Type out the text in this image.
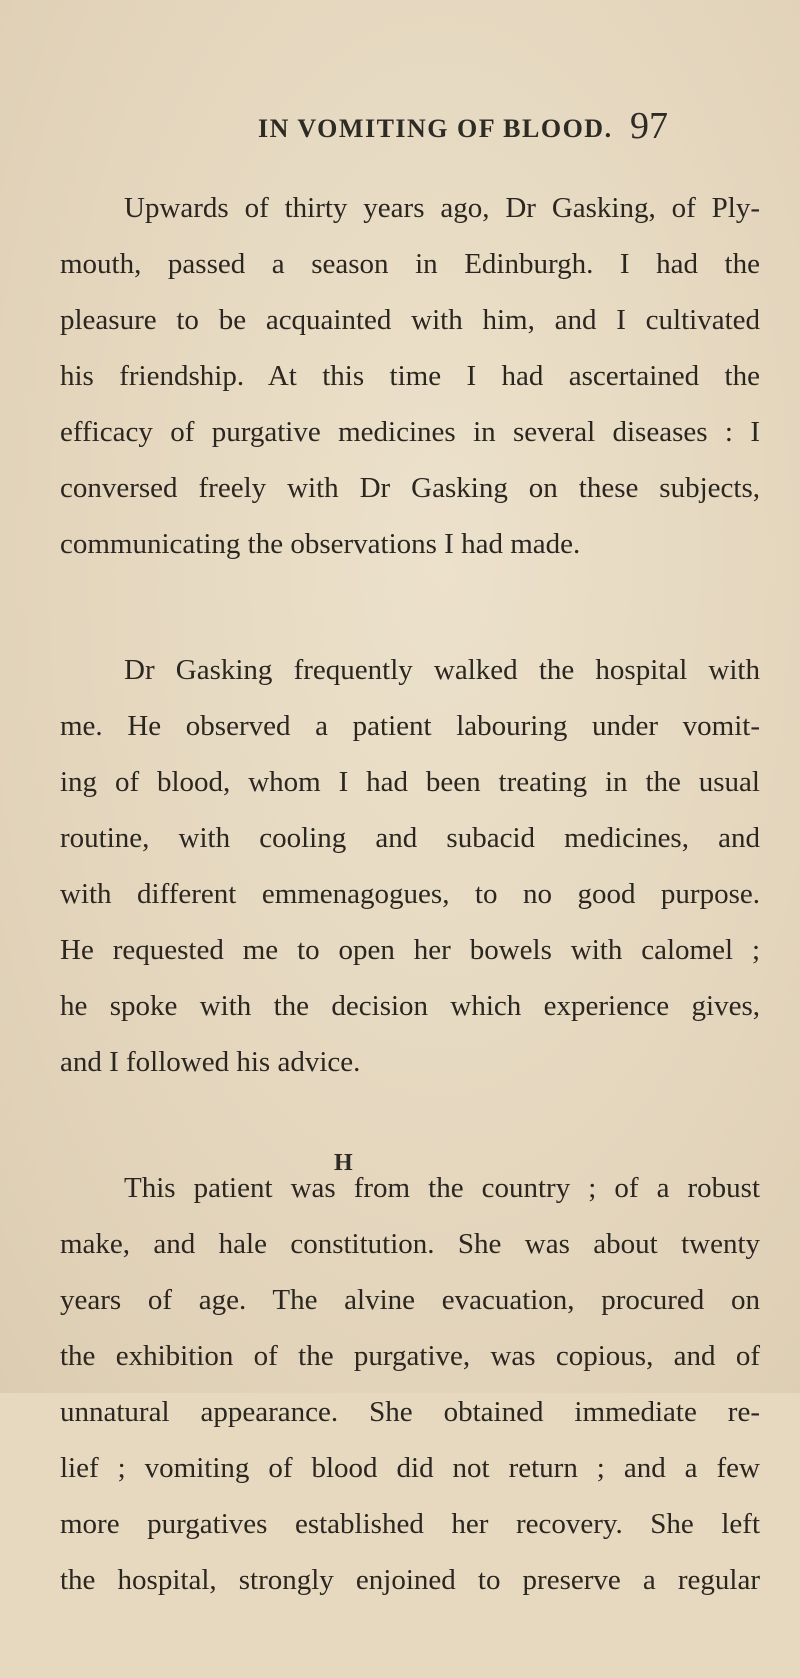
IN VOMITING OF BLOOD. 97
Upwards of thirty years ago, Dr Gasking, of Ply-
mouth, passed a season in Edinburgh. I had the
pleasure to be acquainted with him, and I cultivated
his friendship. At this time I had ascertained the
efficacy of purgative medicines in several diseases : I
conversed freely with Dr Gasking on these subjects,
communicating the observations I had made.
Dr Gasking frequently walked the hospital with
me. He observed a patient labouring under vomit-
ing of blood, whom I had been treating in the usual
routine, with cooling and subacid medicines, and
with different emmenagogues, to no good purpose.
He requested me to open her bowels with calomel ;
he spoke with the decision which experience gives,
and I followed his advice.
This patient was from the country ; of a robust
make, and hale constitution. She was about twenty
years of age. The alvine evacuation, procured on
the exhibition of the purgative, was copious, and of
unnatural appearance. She obtained immediate re-
lief ; vomiting of blood did not return ; and a few
more purgatives established her recovery. She left
the hospital, strongly enjoined to preserve a regular
H
